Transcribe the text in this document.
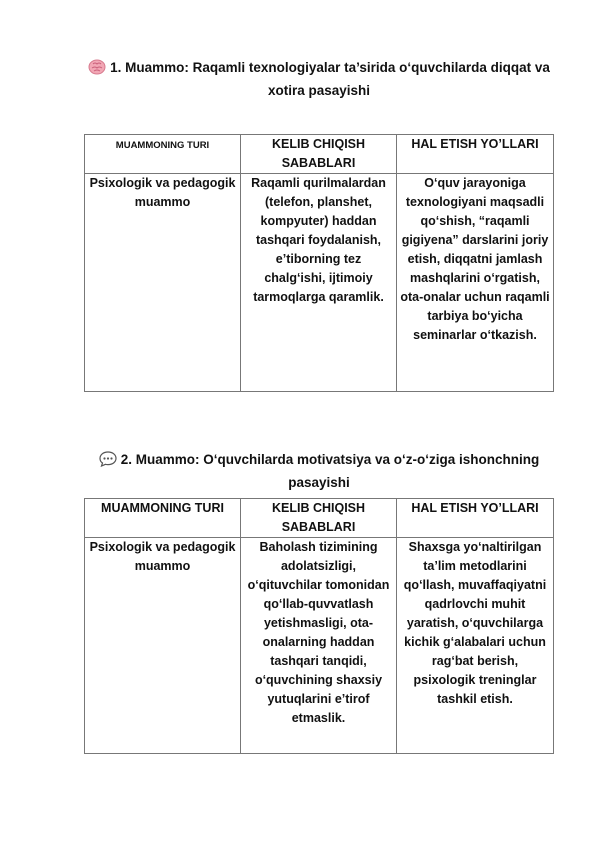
1. Muammo: Raqamli texnologiyalar ta’sirida o‘quvchilarda diqqat va xotira pasayishi
MUAMMONING TURI	KELIB CHIQISH SABABLARI	HAL ETISH YO’LLARI
Psixologik va pedagogik muammo	Raqamli qurilmalardan (telefon, planshet, kompyuter) haddan tashqari foydalanish, e’tiborning tez chalg‘ishi, ijtimoiy tarmoqlarga qaramlik.	O‘quv jarayoniga texnologiyani maqsadli qo‘shish, “raqamli gigiyena” darslarini joriy etish, diqqatni jamlash mashqlarini o‘rgatish, ota-onalar uchun raqamli tarbiya bo‘yicha seminarlar o‘tkazish.
2. Muammo: O‘quvchilarda motivatsiya va o‘z-o‘ziga ishonchning pasayishi
MUAMMONING TURI	KELIB CHIQISH SABABLARI	HAL ETISH YO’LLARI
Psixologik va pedagogik muammo	Baholash tizimining adolatsizligi, o‘qituvchilar tomonidan qo‘llab-quvvatlash yetishmasligi, ota-onalarning haddan tashqari tanqidi, o‘quvchining shaxsiy yutuqlarini e’tirof etmaslik.	Shaxsga yo‘naltirilgan ta’lim metodlarini qo‘llash, muvaffaqiyatni qadrlovchi muhit yaratish, o‘quvchilarga kichik g‘alabalari uchun rag‘bat berish, psixologik treninglar tashkil etish.
